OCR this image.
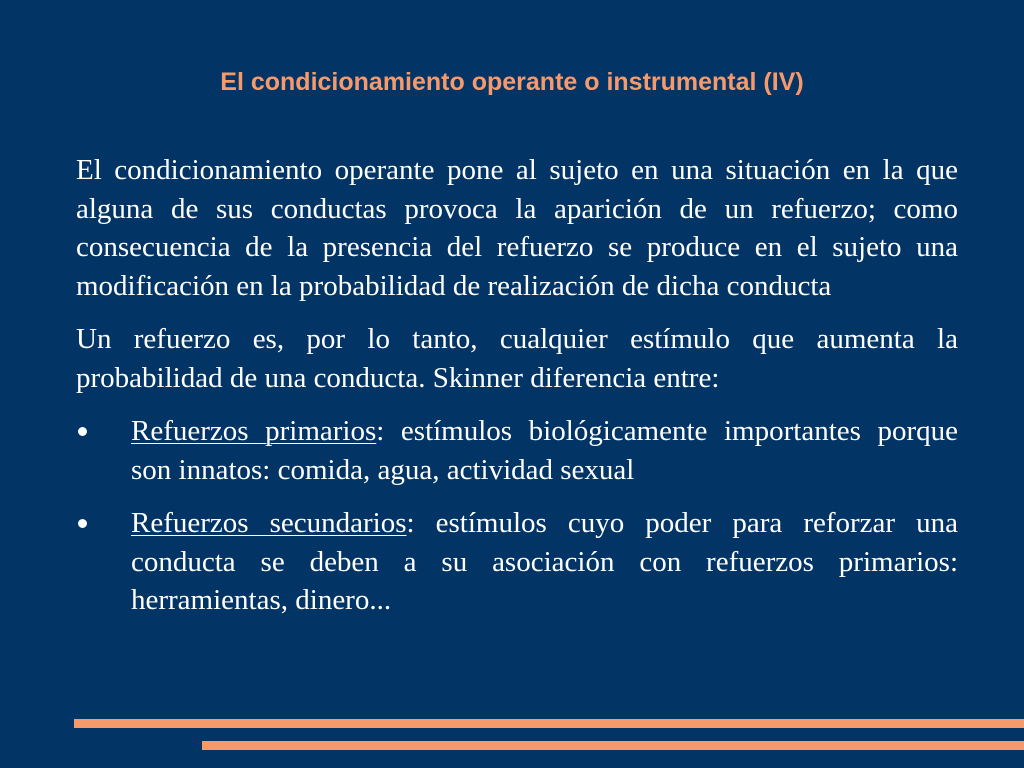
El condicionamiento operante o instrumental (IV)

El condicionamiento operante pone al sujeto en una situación en la que alguna de sus conductas provoca la aparición de un refuerzo; como consecuencia de la presencia del refuerzo se produce en el sujeto una modificación en la probabilidad de realización de dicha conducta

Un refuerzo es, por lo tanto, cualquier estímulo que aumenta la probabilidad de una conducta. Skinner diferencia entre:

Refuerzos primarios: estímulos biológicamente importantes porque son innatos: comida, agua, actividad sexual
Refuerzos secundarios: estímulos cuyo poder para reforzar una conducta se deben a su asociación con refuerzos primarios: herramientas, dinero...
